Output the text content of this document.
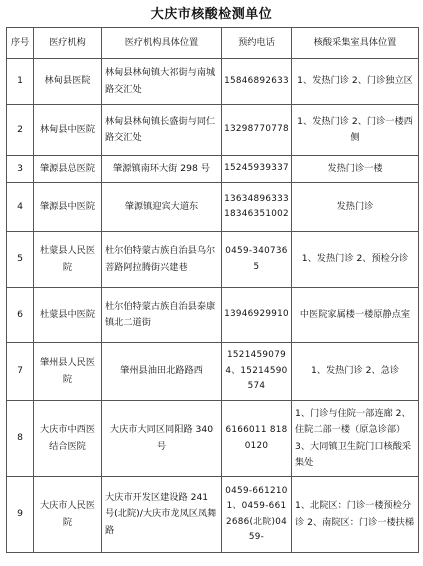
大庆市核酸检测单位
序号	医疗机构	医疗机构具体位置	预约电话	核酸采集室具体位置
1	林甸县医院	林甸县林甸镇大祁街与南城路交汇处	15846892633	1、发热门诊 2、门诊独立区
2	林甸县中医院	林甸县林甸镇长盛街与同仁路交汇处	13298770778	1、发热门诊 2、门诊一楼西侧
3	肇源县总医院	肇源镇南环大街 298 号	15245939337	发热门诊一楼
4	肇源县中医院	肇源镇迎宾大道东	13634896333 18346351002	发热门诊
5	杜蒙县人民医院	杜尔伯特蒙古族自治县乌尔菩路阿拉腾街兴建巷	0459-3407365	1、发热门诊 2、预检分诊
6	杜蒙县中医院	杜尔伯特蒙古族自治县泰康镇北二道街	13946929910	中医院家属楼一楼原静点室
7	肇州县人民医院	肇州县油田北路路西	15214590794、15214590574	1、发热门诊 2、急诊
8	大庆市中西医结合医院	大庆市大同区同阳路 340 号	6166011 8180120	1、门诊与住院一部连廊 2、住院二部一楼（原急诊部）3、大同镇卫生院门口核酸采集处
9	大庆市人民医院	大庆市开发区建设路 241 号(北院)/大庆市龙凤区凤舞路	0459-6612101、0459-6612686(北院)0459-	1、北院区：门诊一楼预检分诊 2、南院区：门诊一楼扶梯
